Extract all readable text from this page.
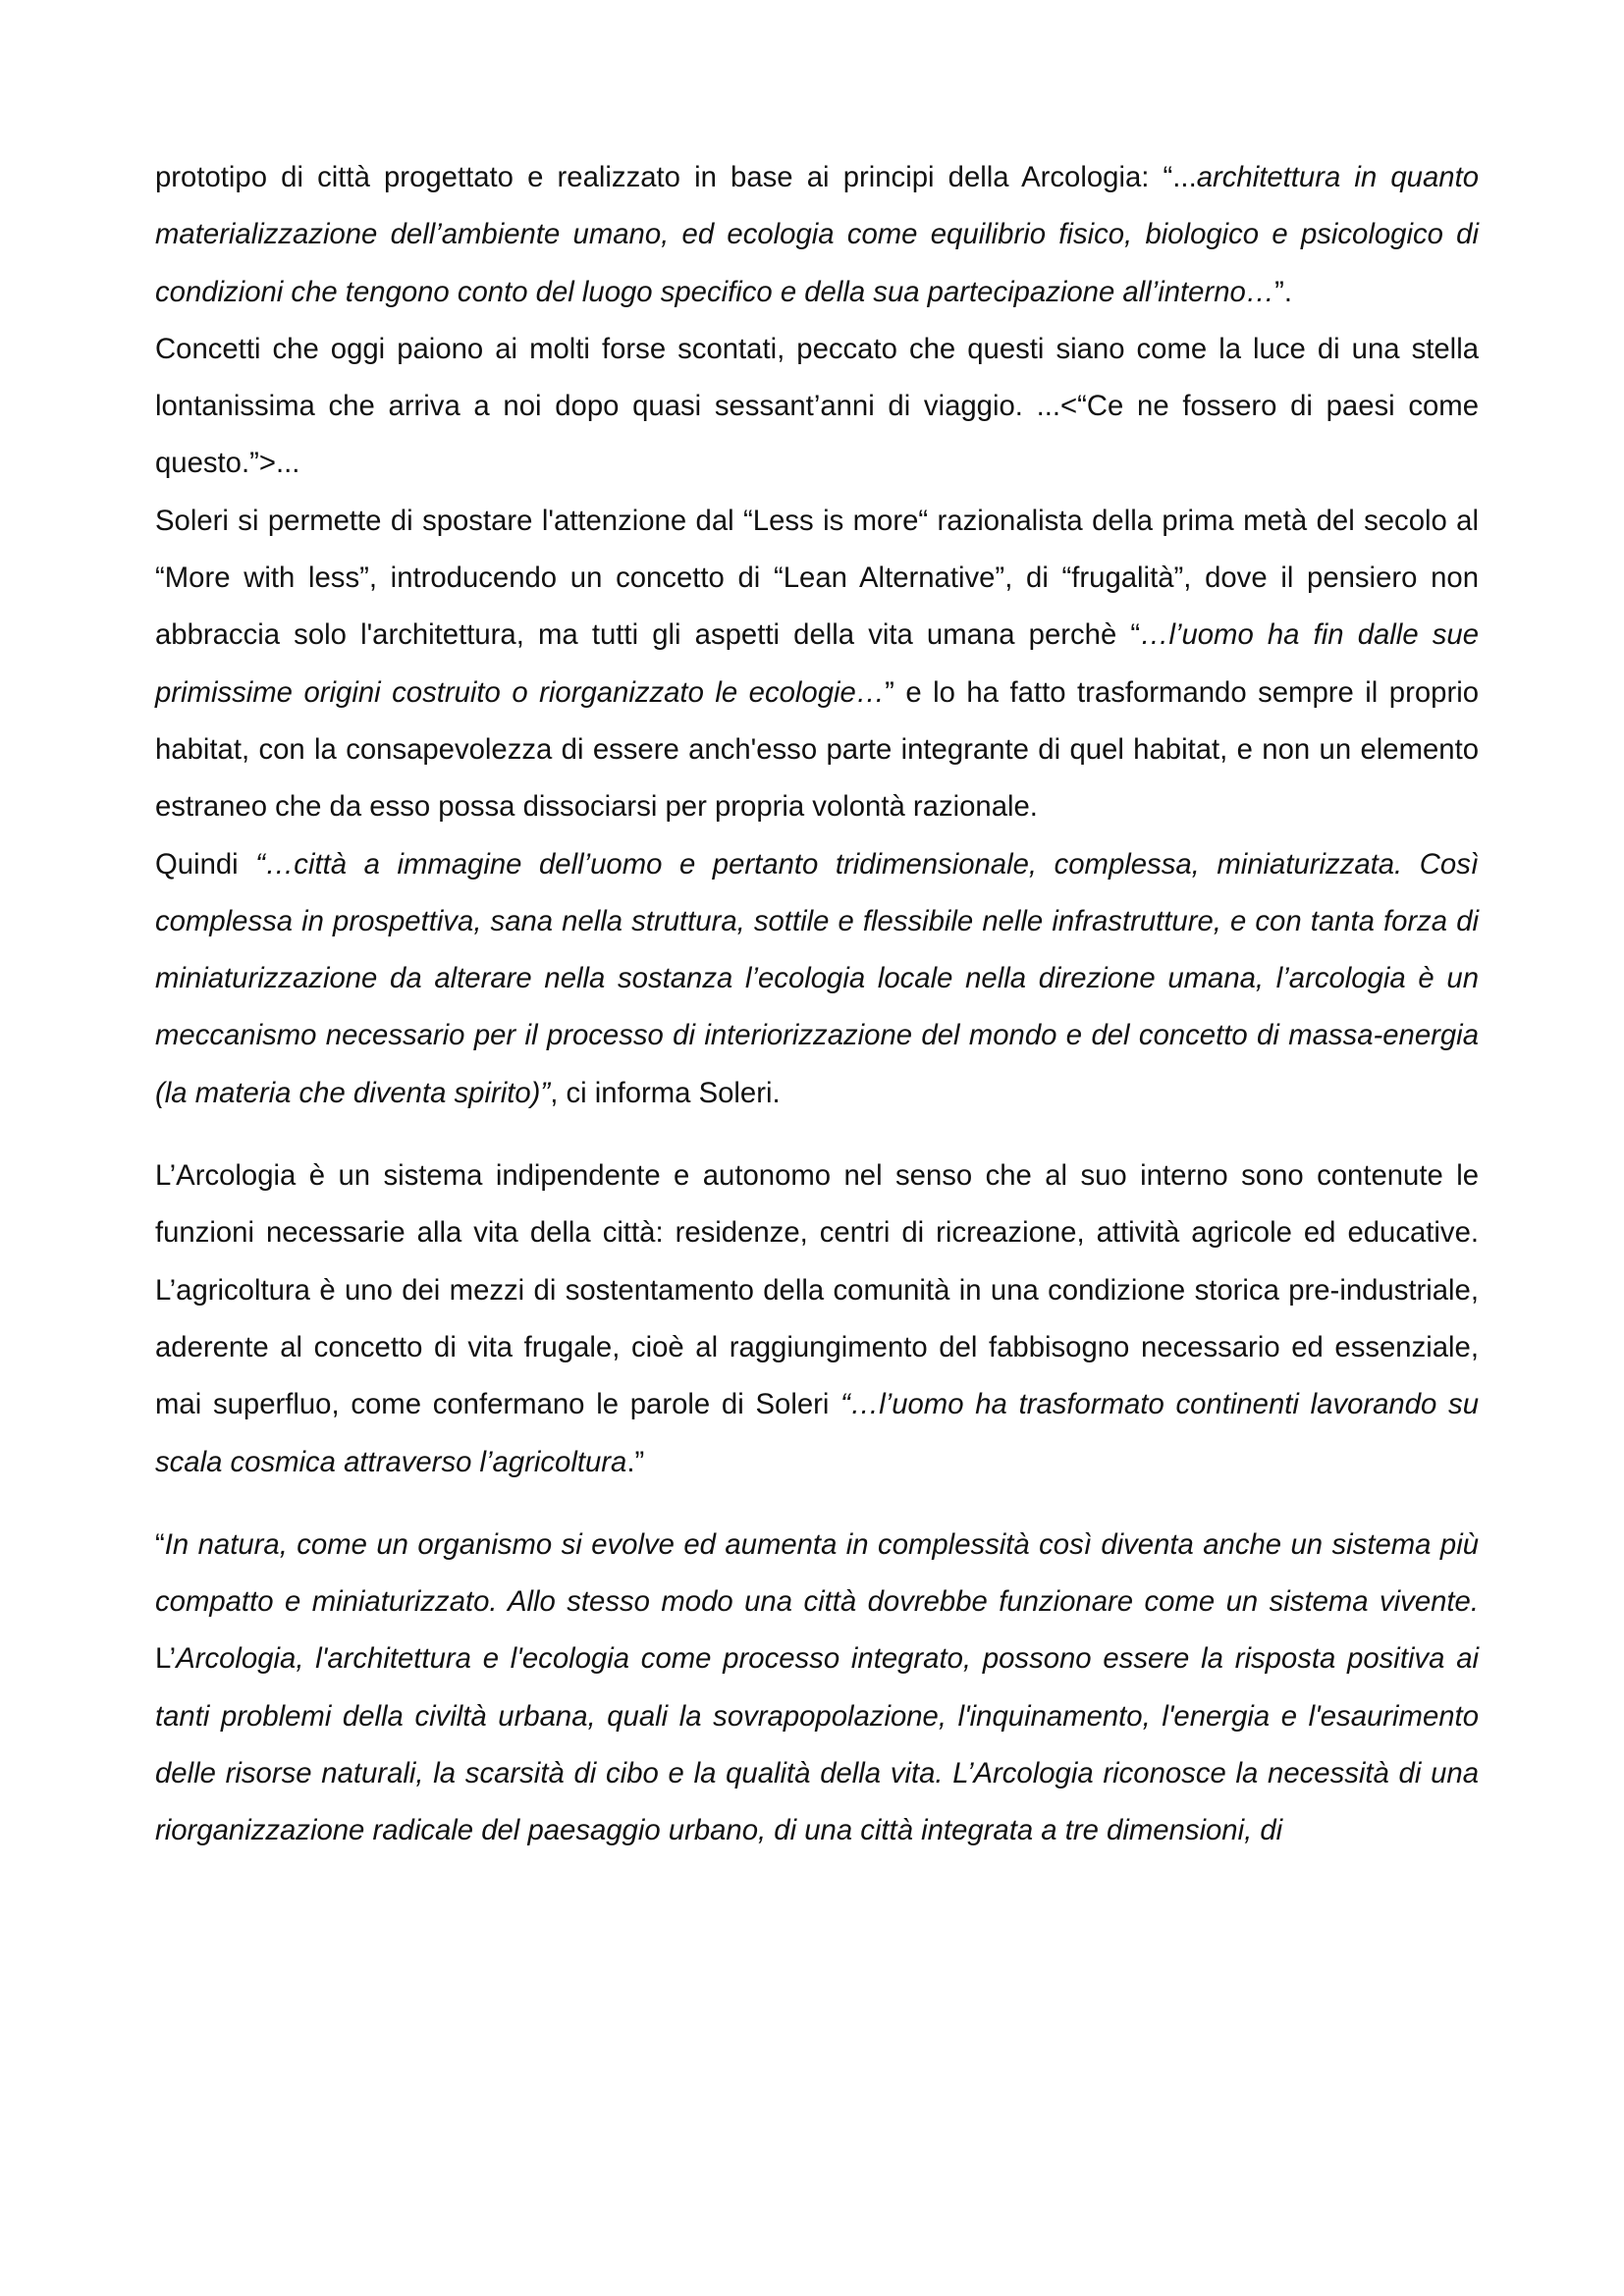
prototipo di città progettato e realizzato in base ai principi della Arcologia: “...architettura in quanto materializzazione dell’ambiente umano, ed ecologia come equilibrio fisico, biologico e psicologico di condizioni che tengono conto del luogo specifico e della sua partecipazione all’interno…”.

Concetti che oggi paiono ai molti forse scontati, peccato che questi siano come la luce di una stella lontanissima che arriva a noi dopo quasi sessant’anni di viaggio. ...<“Ce ne fossero di paesi come questo.”>...

Soleri si permette di spostare l'attenzione dal “Less is more“ razionalista della prima metà del secolo al “More with less”, introducendo un concetto di “Lean Alternative”, di “frugalità”, dove il pensiero non abbraccia solo l'architettura, ma tutti gli aspetti della vita umana perchè “…l’uomo ha fin dalle sue primissime origini costruito o riorganizzato le ecologie…” e lo ha fatto trasformando sempre il proprio habitat, con la consapevolezza di essere anch'esso parte integrante di quel habitat, e non un elemento estraneo che da esso possa dissociarsi per propria volontà razionale.

Quindi “…città a immagine dell’uomo e pertanto tridimensionale, complessa, miniaturizzata. Così complessa in prospettiva, sana nella struttura, sottile e flessibile nelle infrastrutture, e con tanta forza di miniaturizzazione da alterare nella sostanza l’ecologia locale nella direzione umana, l’arcologia è un meccanismo necessario per il processo di interiorizzazione del mondo e del concetto di massa-energia (la materia che diventa spirito)”, ci informa Soleri.

L’Arcologia è un sistema indipendente e autonomo nel senso che al suo interno sono contenute le funzioni necessarie alla vita della città: residenze, centri di ricreazione, attività agricole ed educative. L’agricoltura è uno dei mezzi di sostentamento della comunità in una condizione storica pre-industriale, aderente al concetto di vita frugale, cioè al raggiungimento del fabbisogno necessario ed essenziale, mai superfluo, come confermano le parole di Soleri “…l’uomo ha trasformato continenti lavorando su scala cosmica attraverso l’agricoltura.”

“In natura, come un organismo si evolve ed aumenta in complessità così diventa anche un sistema più compatto e miniaturizzato. Allo stesso modo una città dovrebbe funzionare come un sistema vivente. L’Arcologia, l'architettura e l'ecologia come processo integrato, possono essere la risposta positiva ai tanti problemi della civiltà urbana, quali la sovrapopolazione, l'inquinamento, l'energia e l'esaurimento delle risorse naturali, la scarsità di cibo e la qualità della vita. L’Arcologia riconosce la necessità di una riorganizzazione radicale del paesaggio urbano, di una città integrata a tre dimensioni, di
